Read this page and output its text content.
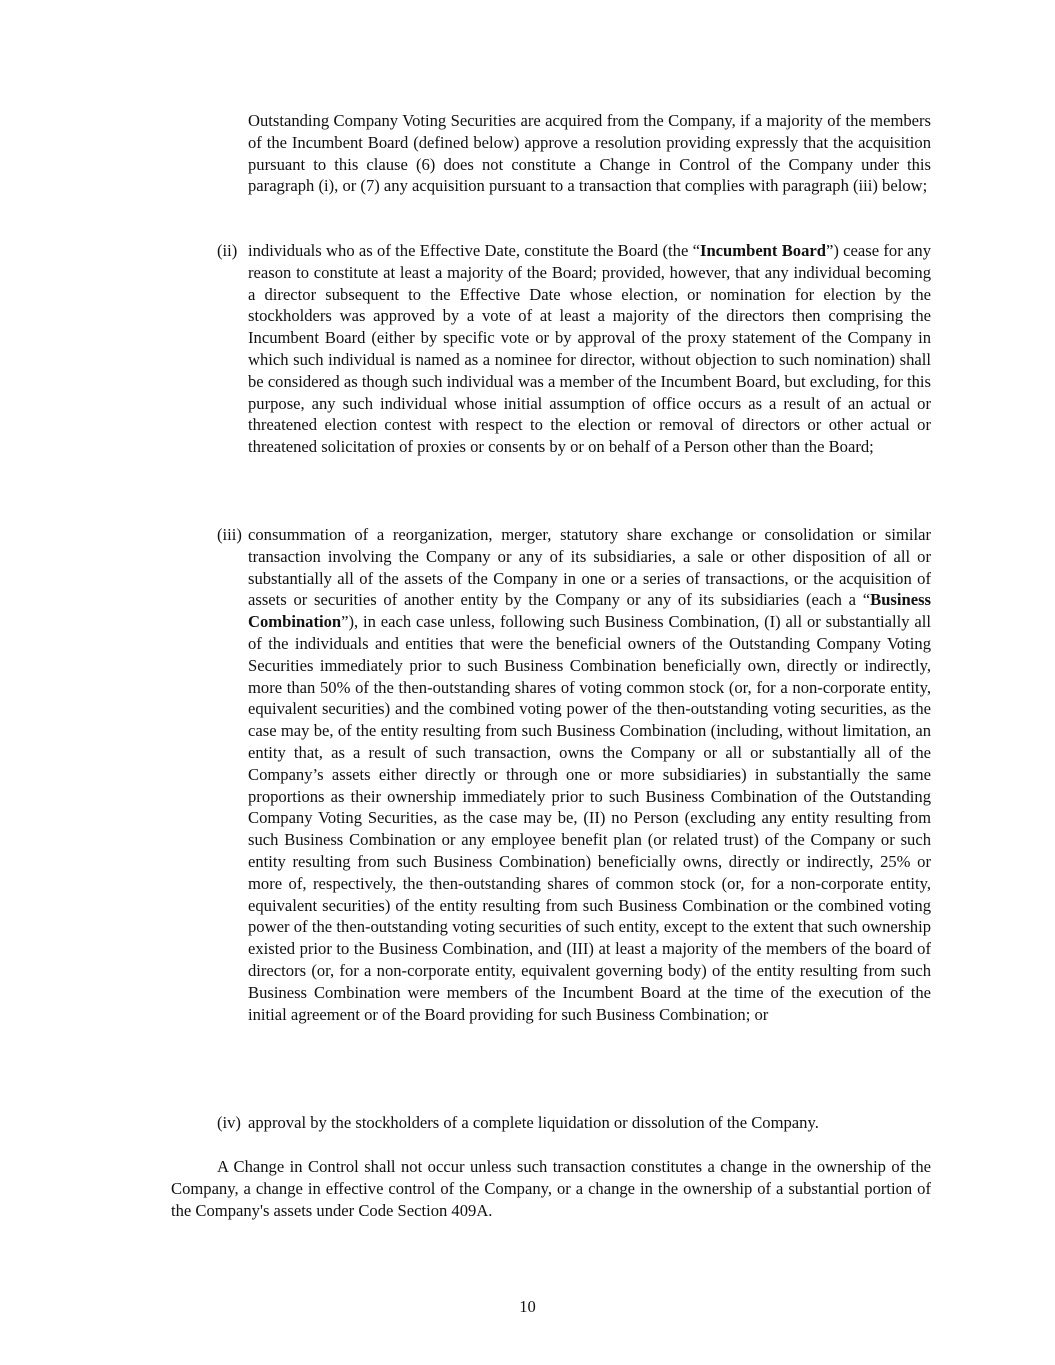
Outstanding Company Voting Securities are acquired from the Company, if a majority of the members of the Incumbent Board (defined below) approve a resolution providing expressly that the acquisition pursuant to this clause (6) does not constitute a Change in Control of the Company under this paragraph (i), or (7) any acquisition pursuant to a transaction that complies with paragraph (iii) below;

(ii) individuals who as of the Effective Date, constitute the Board (the “Incumbent Board”) cease for any reason to constitute at least a majority of the Board; provided, however, that any individual becoming a director subsequent to the Effective Date whose election, or nomination for election by the stockholders was approved by a vote of at least a majority of the directors then comprising the Incumbent Board (either by specific vote or by approval of the proxy statement of the Company in which such individual is named as a nominee for director, without objection to such nomination) shall be considered as though such individual was a member of the Incumbent Board, but excluding, for this purpose, any such individual whose initial assumption of office occurs as a result of an actual or threatened election contest with respect to the election or removal of directors or other actual or threatened solicitation of proxies or consents by or on behalf of a Person other than the Board;

(iii) consummation of a reorganization, merger, statutory share exchange or consolidation or similar transaction involving the Company or any of its subsidiaries, a sale or other disposition of all or substantially all of the assets of the Company in one or a series of transactions, or the acquisition of assets or securities of another entity by the Company or any of its subsidiaries (each a “Business Combination”), in each case unless, following such Business Combination, (I) all or substantially all of the individuals and entities that were the beneficial owners of the Outstanding Company Voting Securities immediately prior to such Business Combination beneficially own, directly or indirectly, more than 50% of the then-outstanding shares of voting common stock (or, for a non-corporate entity, equivalent securities) and the combined voting power of the then-outstanding voting securities, as the case may be, of the entity resulting from such Business Combination (including, without limitation, an entity that, as a result of such transaction, owns the Company or all or substantially all of the Company’s assets either directly or through one or more subsidiaries) in substantially the same proportions as their ownership immediately prior to such Business Combination of the Outstanding Company Voting Securities, as the case may be, (II) no Person (excluding any entity resulting from such Business Combination or any employee benefit plan (or related trust) of the Company or such entity resulting from such Business Combination) beneficially owns, directly or indirectly, 25% or more of, respectively, the then-outstanding shares of common stock (or, for a non-corporate entity, equivalent securities) of the entity resulting from such Business Combination or the combined voting power of the then-outstanding voting securities of such entity, except to the extent that such ownership existed prior to the Business Combination, and (III) at least a majority of the members of the board of directors (or, for a non-corporate entity, equivalent governing body) of the entity resulting from such Business Combination were members of the Incumbent Board at the time of the execution of the initial agreement or of the Board providing for such Business Combination; or

(iv) approval by the stockholders of a complete liquidation or dissolution of the Company.

A Change in Control shall not occur unless such transaction constitutes a change in the ownership of the Company, a change in effective control of the Company, or a change in the ownership of a substantial portion of the Company's assets under Code Section 409A.

10
